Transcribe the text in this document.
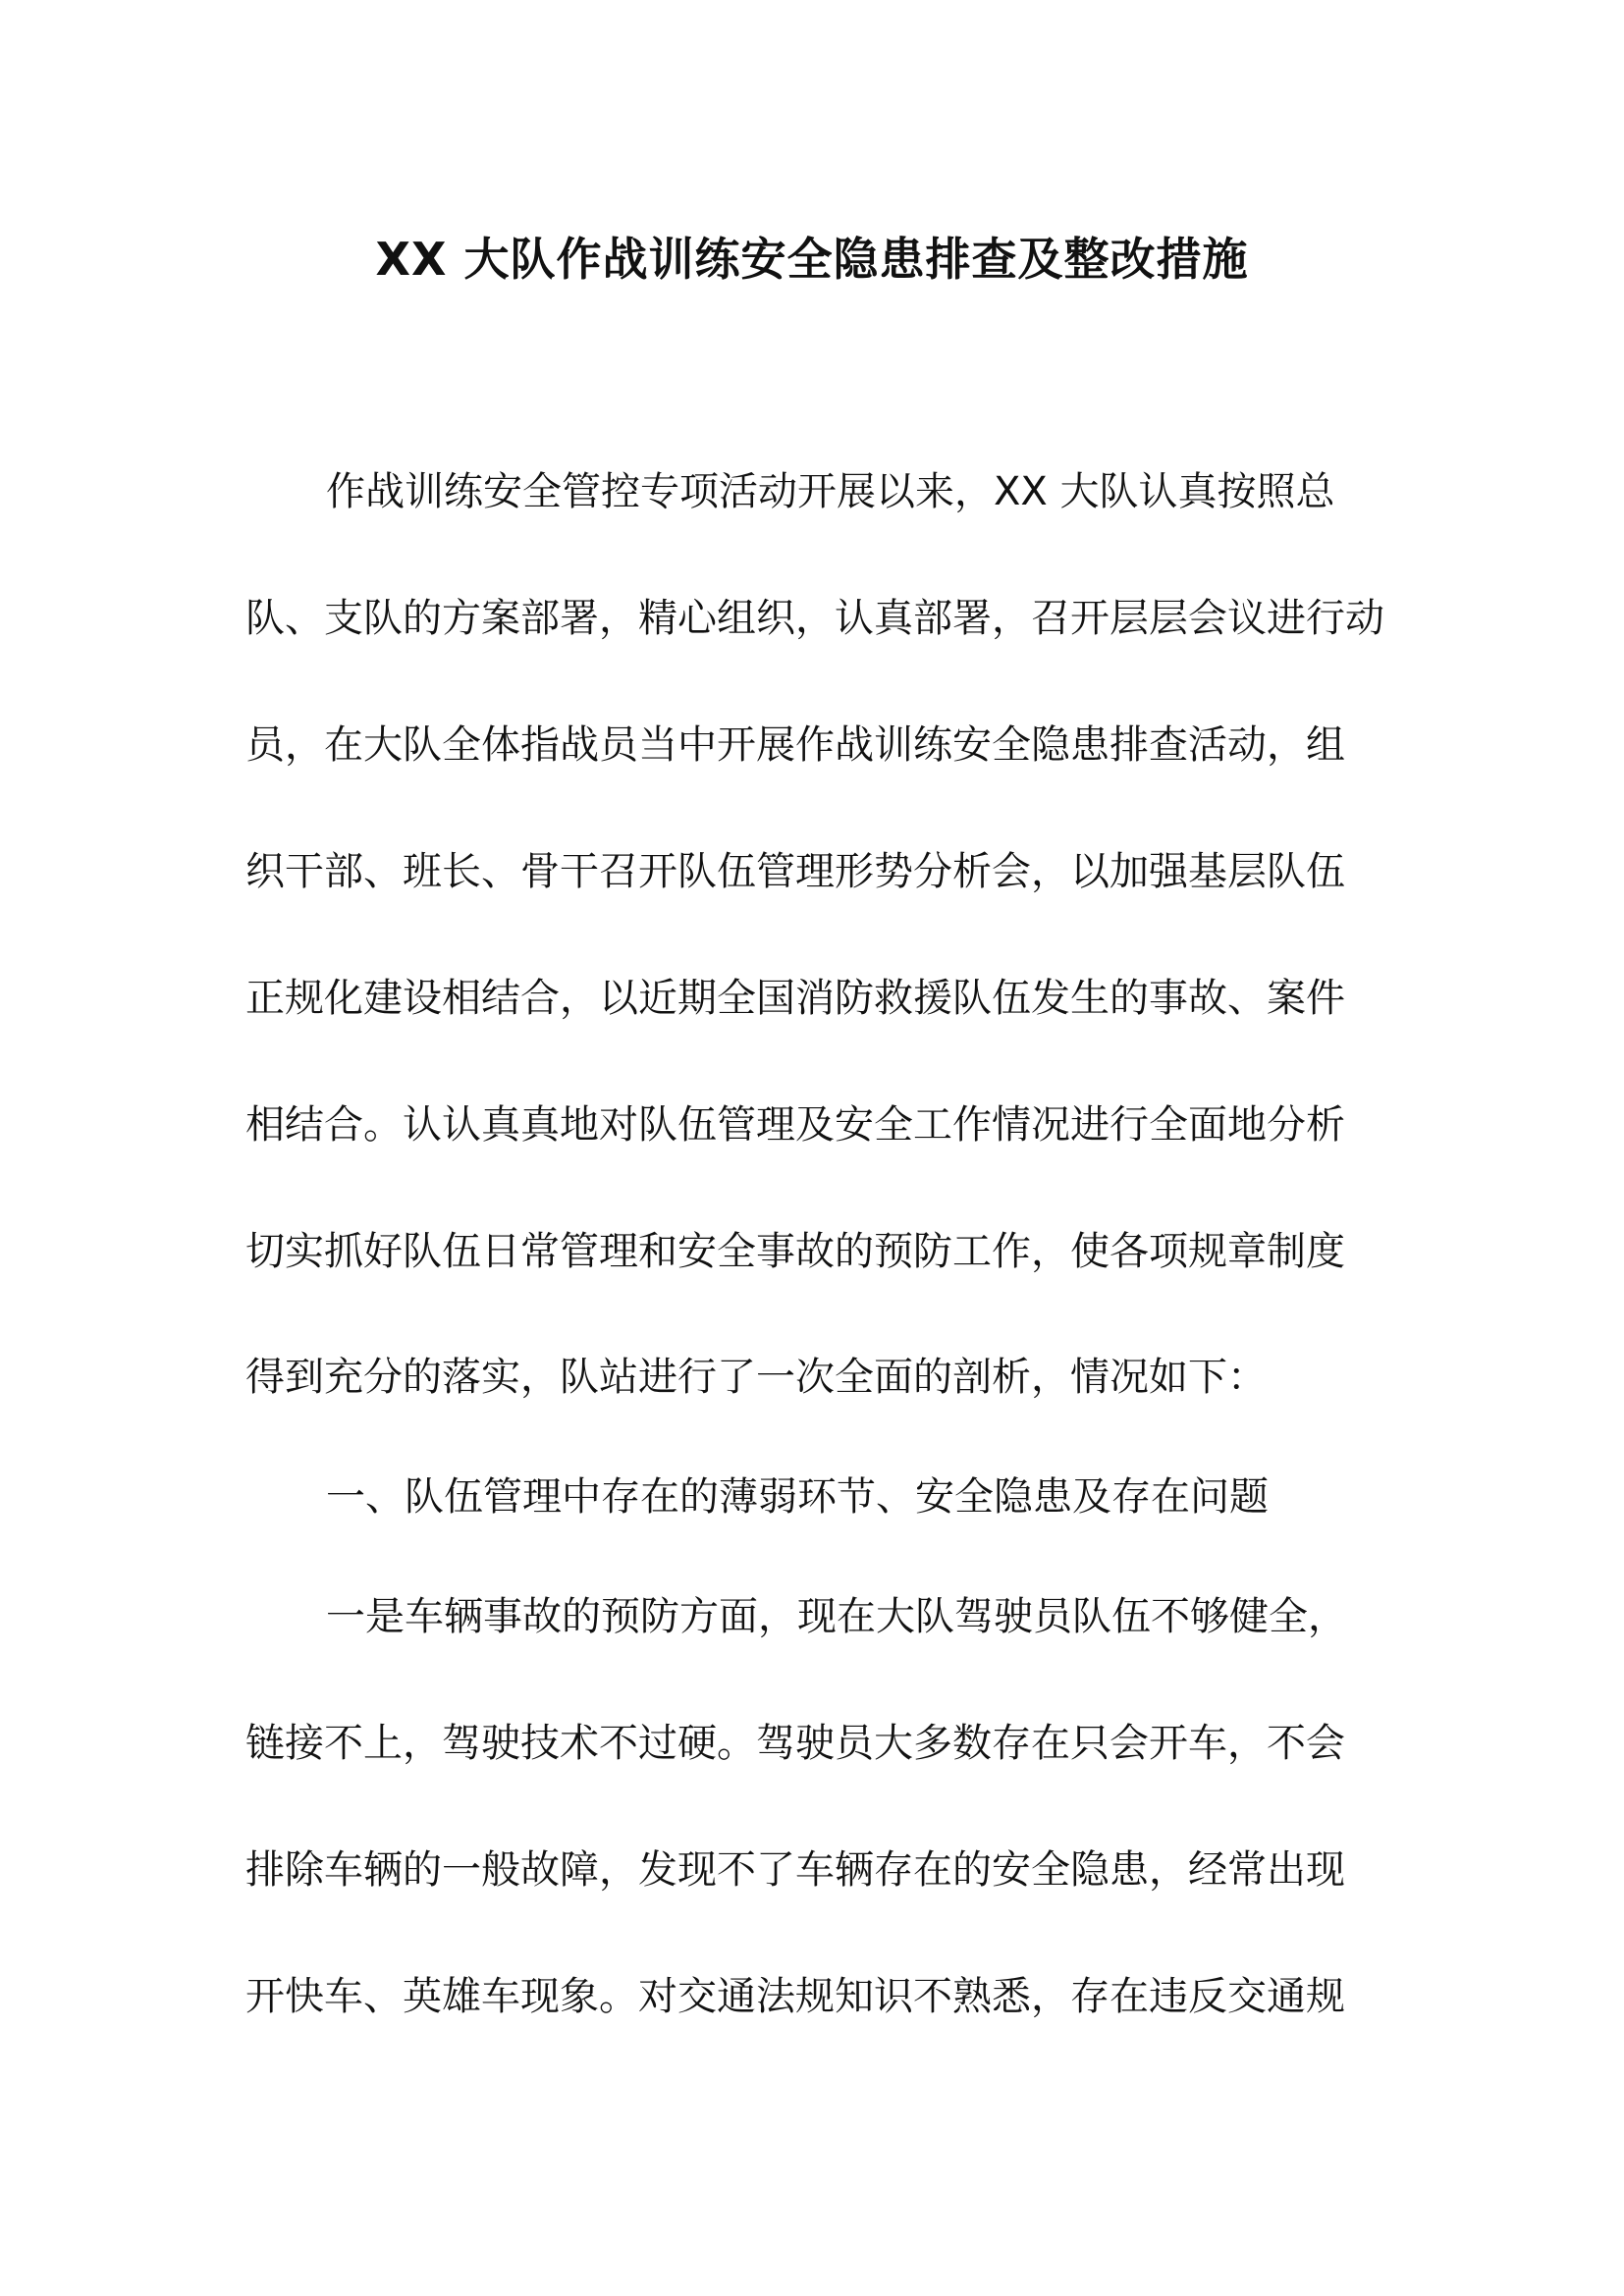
XX 大队作战训练安全隐患排查及整改措施

作战训练安全管控专项活动开展以来，XX 大队认真按照总

队、支队的方案部署，精心组织，认真部署，召开层层会议进行动

员，在大队全体指战员当中开展作战训练安全隐患排查活动，组

织干部、班长、骨干召开队伍管理形势分析会，以加强基层队伍

正规化建设相结合，以近期全国消防救援队伍发生的事故、案件

相结合。认认真真地对队伍管理及安全工作情况进行全面地分析

切实抓好队伍日常管理和安全事故的预防工作，使各项规章制度

得到充分的落实，队站进行了一次全面的剖析，情况如下：

一、队伍管理中存在的薄弱环节、安全隐患及存在问题

一是车辆事故的预防方面，现在大队驾驶员队伍不够健全，

链接不上，驾驶技术不过硬。驾驶员大多数存在只会开车，不会

排除车辆的一般故障，发现不了车辆存在的安全隐患，经常出现

开快车、英雄车现象。对交通法规知识不熟悉，存在违反交通规
